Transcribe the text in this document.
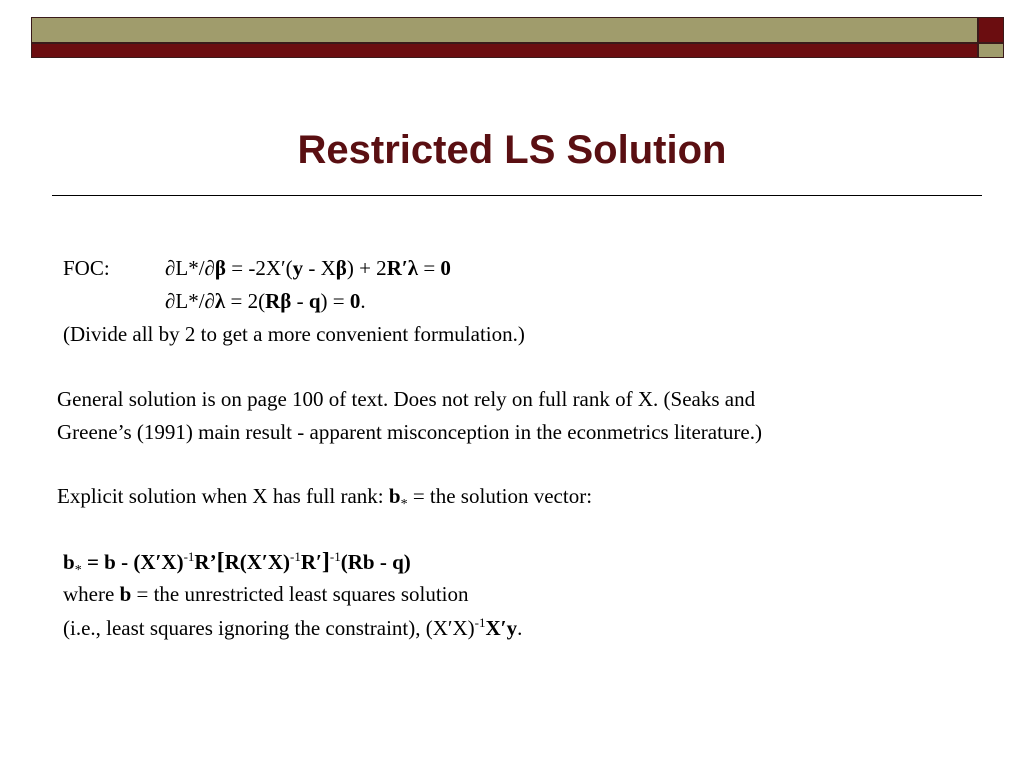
Restricted LS Solution
FOC:	∂L*/∂β = -2X′(y - Xβ) + 2R′λ = 0
∂L*/∂λ = 2(Rβ - q) = 0.
(Divide all by 2 to get a more convenient formulation.)
General solution is on page 100 of text. Does not rely on full rank of X. (Seaks and
Greene’s (1991) main result - apparent misconception in the econmetrics literature.)
Explicit solution when X has full rank: $b_*$ = the solution vector:
$b_* = b$ - $(X'X)^{-1}R’[R(X'X)^{-1}R']^{-1}(Rb - q)$
where b = the unrestricted least squares solution
(i.e., least squares ignoring the constraint), $(X'X)^{-1}X'y$.
